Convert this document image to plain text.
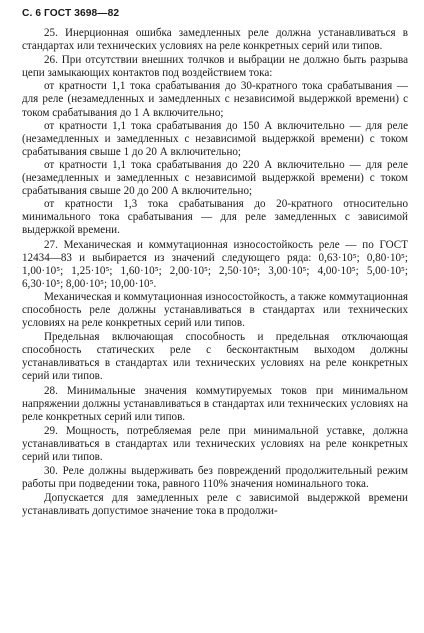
С. 6 ГОСТ 3698—82

25. Инерционная ошибка замедленных реле должна устанавливаться в стандартах или технических условиях на реле конкретных серий или типов.

26. При отсутствии внешних толчков и выбрации не должно быть разрыва цепи замыкающих контактов под воздействием тока:

от кратности 1,1 тока срабатывания до 30-кратного тока срабатывания — для реле (незамедленных и замедленных с независимой выдержкой времени) с током срабатывания до 1 А включительно;

от кратности 1,1 тока срабатывания до 150 А включительно — для реле (незамедленных и замедленных с независимой выдержкой времени) с током срабатывания свыше 1 до 20 А включительно;

от кратности 1,1 тока срабатывания до 220 А включительно — для реле (незамедленных и замедленных с независимой выдержкой времени) с током срабатывания свыше 20 до 200 А включительно;

от кратности 1,3 тока срабатывания до 20-кратного относительно минимального тока срабатывания — для реле замедленных с зависимой выдержкой времени.

27. Механическая и коммутационная износостойкость реле — по ГОСТ 12434—83 и выбирается из значений следующего ряда: 0,63·10⁵; 0,80·10⁵; 1,00·10⁵; 1,25·10⁵; 1,60·10⁵; 2,00·10⁵; 2,50·10⁵; 3,00·10⁵; 4,00·10⁵; 5,00·10⁵; 6,30·10⁵; 8,00·10⁵; 10,00·10⁵.

Механическая и коммутационная износостойкость, а также коммутационная способность реле должны устанавливаться в стандартах или технических условиях на реле конкретных серий или типов.

Предельная включающая способность и предельная отключающая способность статических реле с бесконтактным выходом должны устанавливаться в стандартах или технических условиях на реле конкретных серий или типов.

28. Минимальные значения коммутируемых токов при минимальном напряжении должны устанавливаться в стандартах или технических условиях на реле конкретных серий или типов.

29. Мощность, потребляемая реле при минимальной уставке, должна устанавливаться в стандартах или технических условиях на реле конкретных серий или типов.

30. Реле должны выдерживать без повреждений продолжительный режим работы при подведении тока, равного 110% значения номинального тока.

Допускается для замедленных реле с зависимой выдержкой времени устанавливать допустимое значение тока в продолжи-
